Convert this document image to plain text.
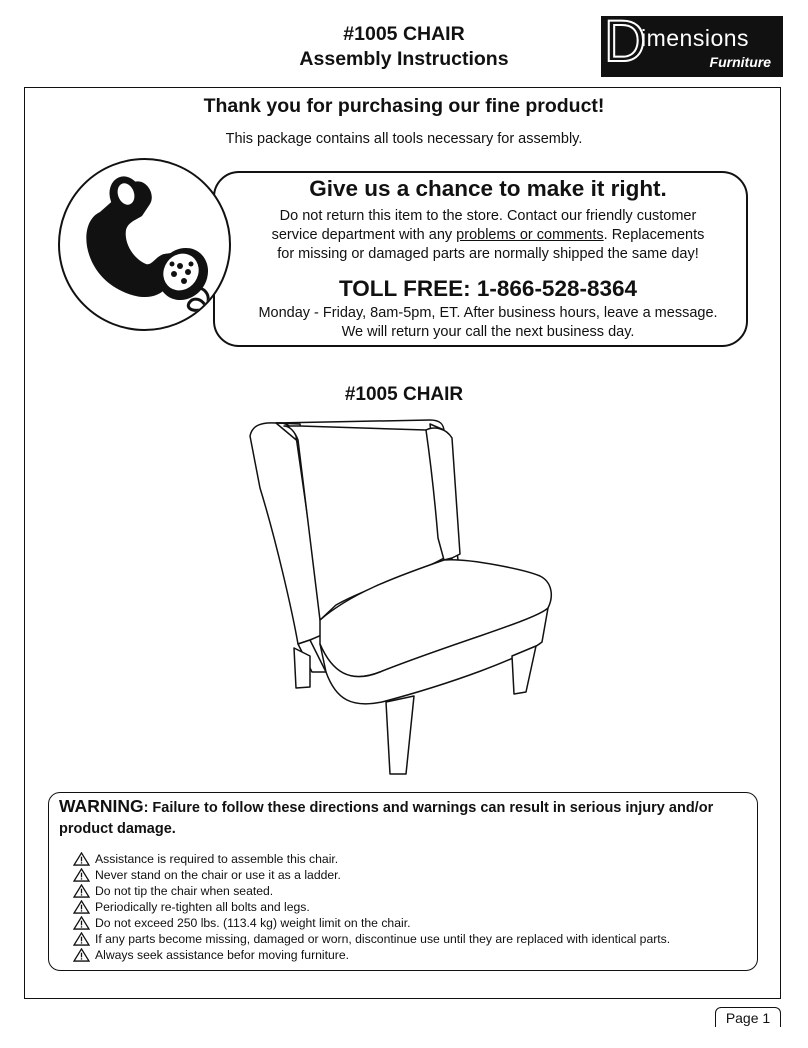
#1005 CHAIR
Assembly Instructions	D
imensions
Furniture
Thank you for purchasing our fine product!
This package contains all tools necessary for assembly.
Give us a chance to make it right.
Do not return this item to the store. Contact our friendly customer
service department with any problems or comments. Replacements
for missing or damaged parts are normally shipped the same day!
TOLL FREE: 1-866-528-8364
Monday - Friday, 8am-5pm, ET. After business hours, leave a message.
We will return your call the next business day.
#1005 CHAIR
WARNING: Failure to follow these directions and warnings can result in serious injury and/or product damage.
Assistance is required to assemble this chair.
Never stand on the chair or use it as a ladder.
Do not tip the chair when seated.
Periodically re-tighten all bolts and legs.
Do not exceed 250 lbs. (113.4 kg) weight limit on the chair.
If any parts become missing, damaged or worn, discontinue use until they are replaced with identical parts.
Always seek assistance befor moving furniture.
Page 1
